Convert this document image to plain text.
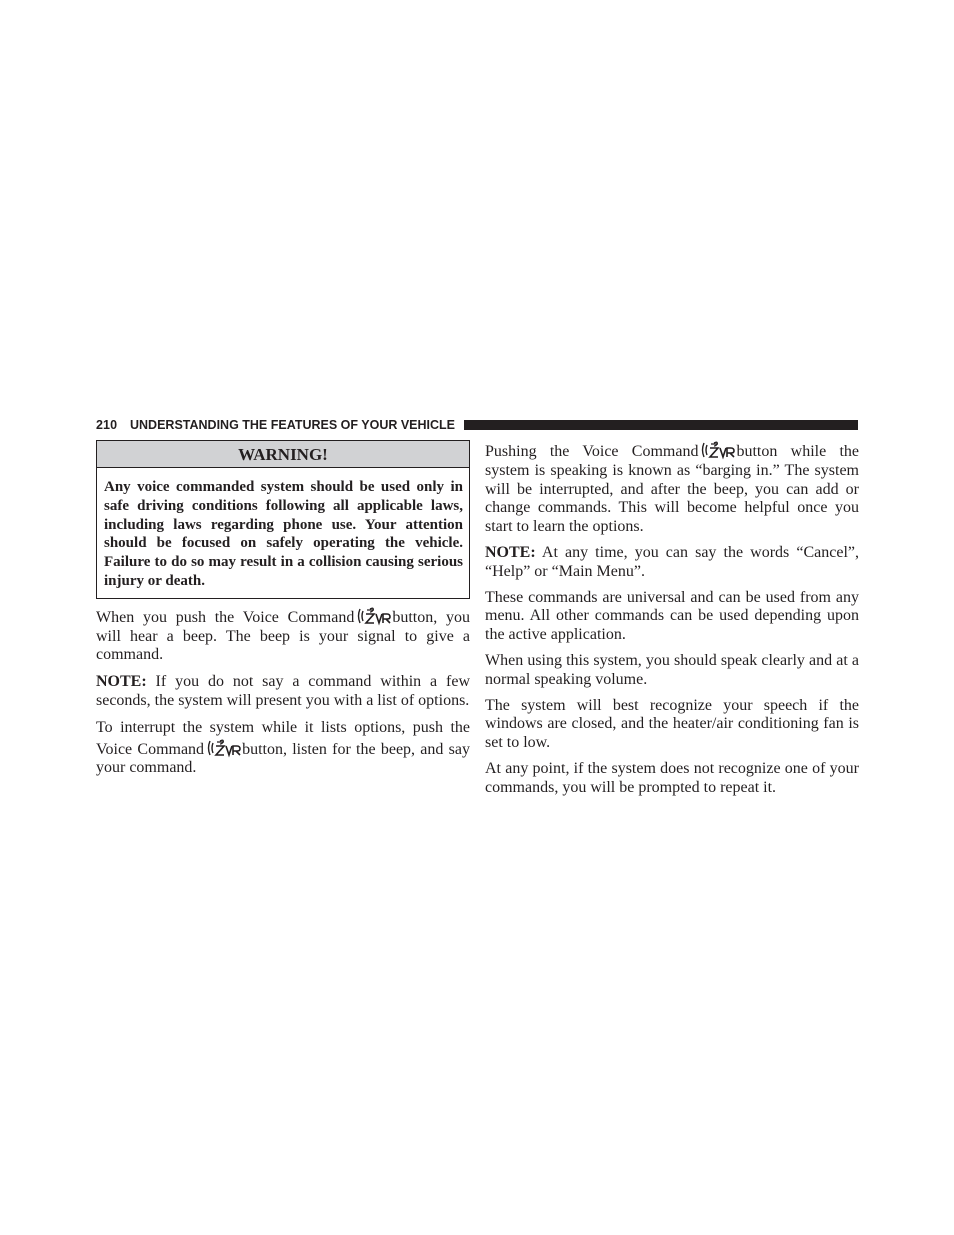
210 UNDERSTANDING THE FEATURES OF YOUR VEHICLE
WARNING!
Any voice commanded system should be used only in safe driving conditions following all applicable laws, including laws regarding phone use. Your attention should be focused on safely operating the vehicle. Failure to do so may result in a collision causing serious injury or death.

When you push the Voice Command button, you will hear a beep. The beep is your signal to give a command.

NOTE: If you do not say a command within a few seconds, the system will present you with a list of options.

To interrupt the system while it lists options, push the Voice Command button, listen for the beep, and say your command.

Pushing the Voice Command button while the system is speaking is known as “barging in.” The system will be interrupted, and after the beep, you can add or change commands. This will become helpful once you start to learn the options.

NOTE: At any time, you can say the words “Cancel”, “Help” or “Main Menu”.

These commands are universal and can be used from any menu. All other commands can be used depending upon the active application.

When using this system, you should speak clearly and at a normal speaking volume.

The system will best recognize your speech if the windows are closed, and the heater/air conditioning fan is set to low.

At any point, if the system does not recognize one of your commands, you will be prompted to repeat it.
